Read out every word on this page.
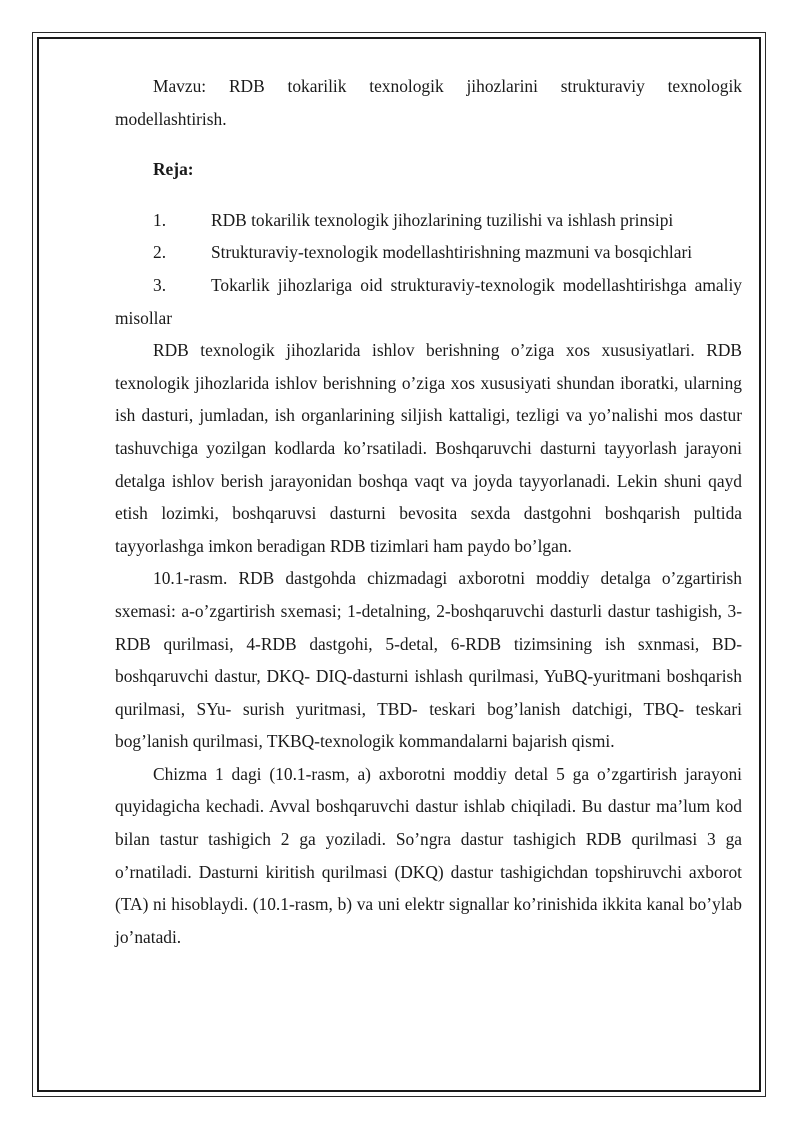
Mavzu: RDB tokarilik texnologik jihozlarini strukturaviy texnologik modellashtirish.

Reja:

1.	RDB tokarilik texnologik jihozlarining tuzilishi va ishlash prinsipi
2.	Strukturaviy-texnologik modellashtirishning mazmuni va bosqichlari
3.	Tokarlik jihozlariga oid strukturaviy-texnologik modellashtirishga amaliy misollar

RDB texnologik jihozlarida ishlov berishning o’ziga xos xususiyatlari. RDB texnologik jihozlarida ishlov berishning o’ziga xos xususiyati shundan iboratki, ularning ish dasturi, jumladan, ish organlarining siljish kattaligi, tezligi va yo’nalishi mos dastur tashuvchiga yozilgan kodlarda ko’rsatiladi. Boshqaruvchi dasturni tayyorlash jarayoni detalga ishlov berish jarayonidan boshqa vaqt va joyda tayyorlanadi. Lekin shuni qayd etish lozimki, boshqaruvsi dasturni bevosita sexda dastgohni boshqarish pultida tayyorlashga imkon beradigan RDB tizimlari ham paydo bo’lgan.

10.1-rasm. RDB dastgohda chizmadagi axborotni moddiy detalga o’zgartirish sxemasi: a-o’zgartirish sxemasi; 1-detalning, 2-boshqaruvchi dasturli dastur tashigish, 3-RDB qurilmasi, 4-RDB dastgohi, 5-detal, 6-RDB tizimsining ish sxnmasi, BD-boshqaruvchi dastur, DKQ- DIQ-dasturni ishlash qurilmasi, YuBQ-yuritmani boshqarish qurilmasi, SYu- surish yuritmasi, TBD- teskari bog’lanish datchigi, TBQ- teskari bog’lanish qurilmasi, TKBQ-texnologik kommandalarni bajarish qismi.

Chizma 1 dagi (10.1-rasm, a) axborotni moddiy detal 5 ga o’zgartirish jarayoni quyidagicha kechadi. Avval boshqaruvchi dastur ishlab chiqiladi. Bu dastur ma’lum kod bilan tastur tashigich 2 ga yoziladi. So’ngra dastur tashigich RDB qurilmasi 3 ga o’rnatiladi. Dasturni kiritish qurilmasi (DKQ) dastur tashigichdan topshiruvchi axborot (TA) ni hisoblaydi. (10.1-rasm, b) va uni elektr signallar ko’rinishida ikkita kanal bo’ylab jo’natadi.
